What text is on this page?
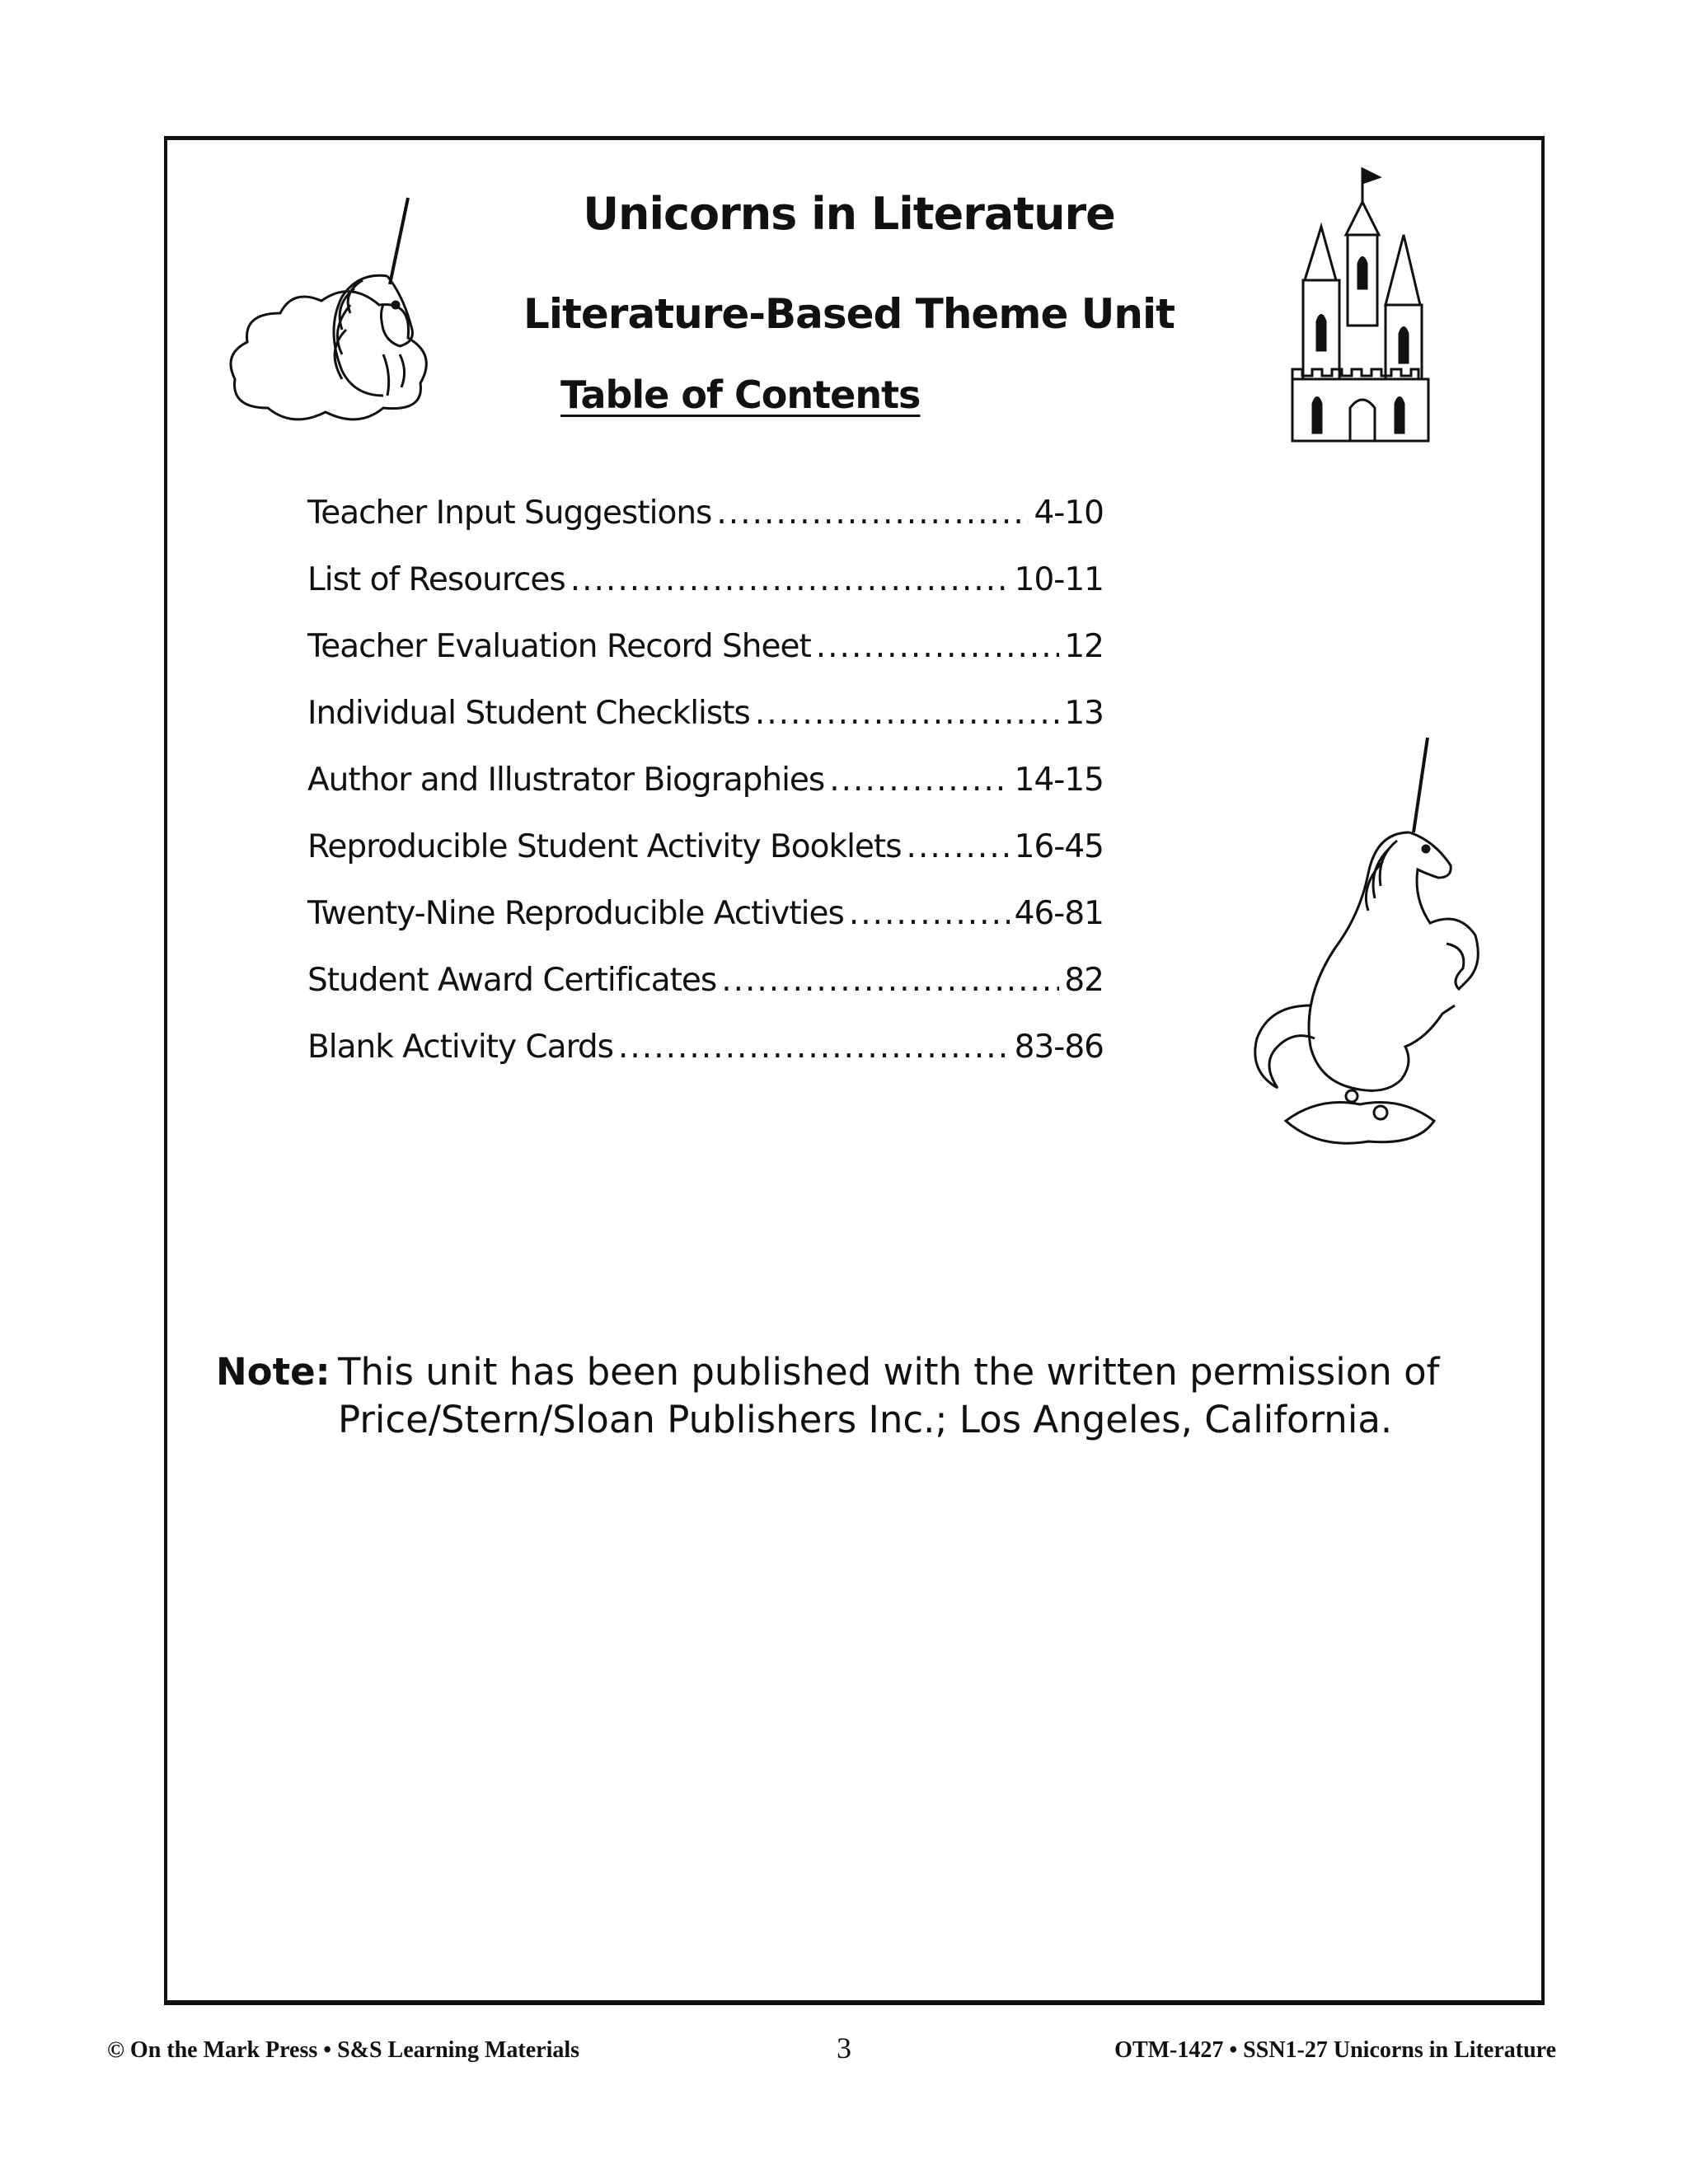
Unicorns in Literature
Literature-Based Theme Unit
Table of Contents
Teacher Input Suggestions .....	4-10
List of Resources .....	10-11
Teacher Evaluation Record Sheet .....	12
Individual Student Checklists .....	13
Author and Illustrator Biographies .....	14-15
Reproducible Student Activity Booklets .....	16-45
Twenty-Nine Reproducible Activties .....	46-81
Student Award Certificates .....	82
Blank Activity Cards .....	83-86
Note: This unit has been published with the written permission of
Price/Stern/Sloan Publishers Inc.; Los Angeles, California.
© On the Mark Press • S&S Learning Materials	3	OTM-1427 • SSN1-27 Unicorns in Literature
